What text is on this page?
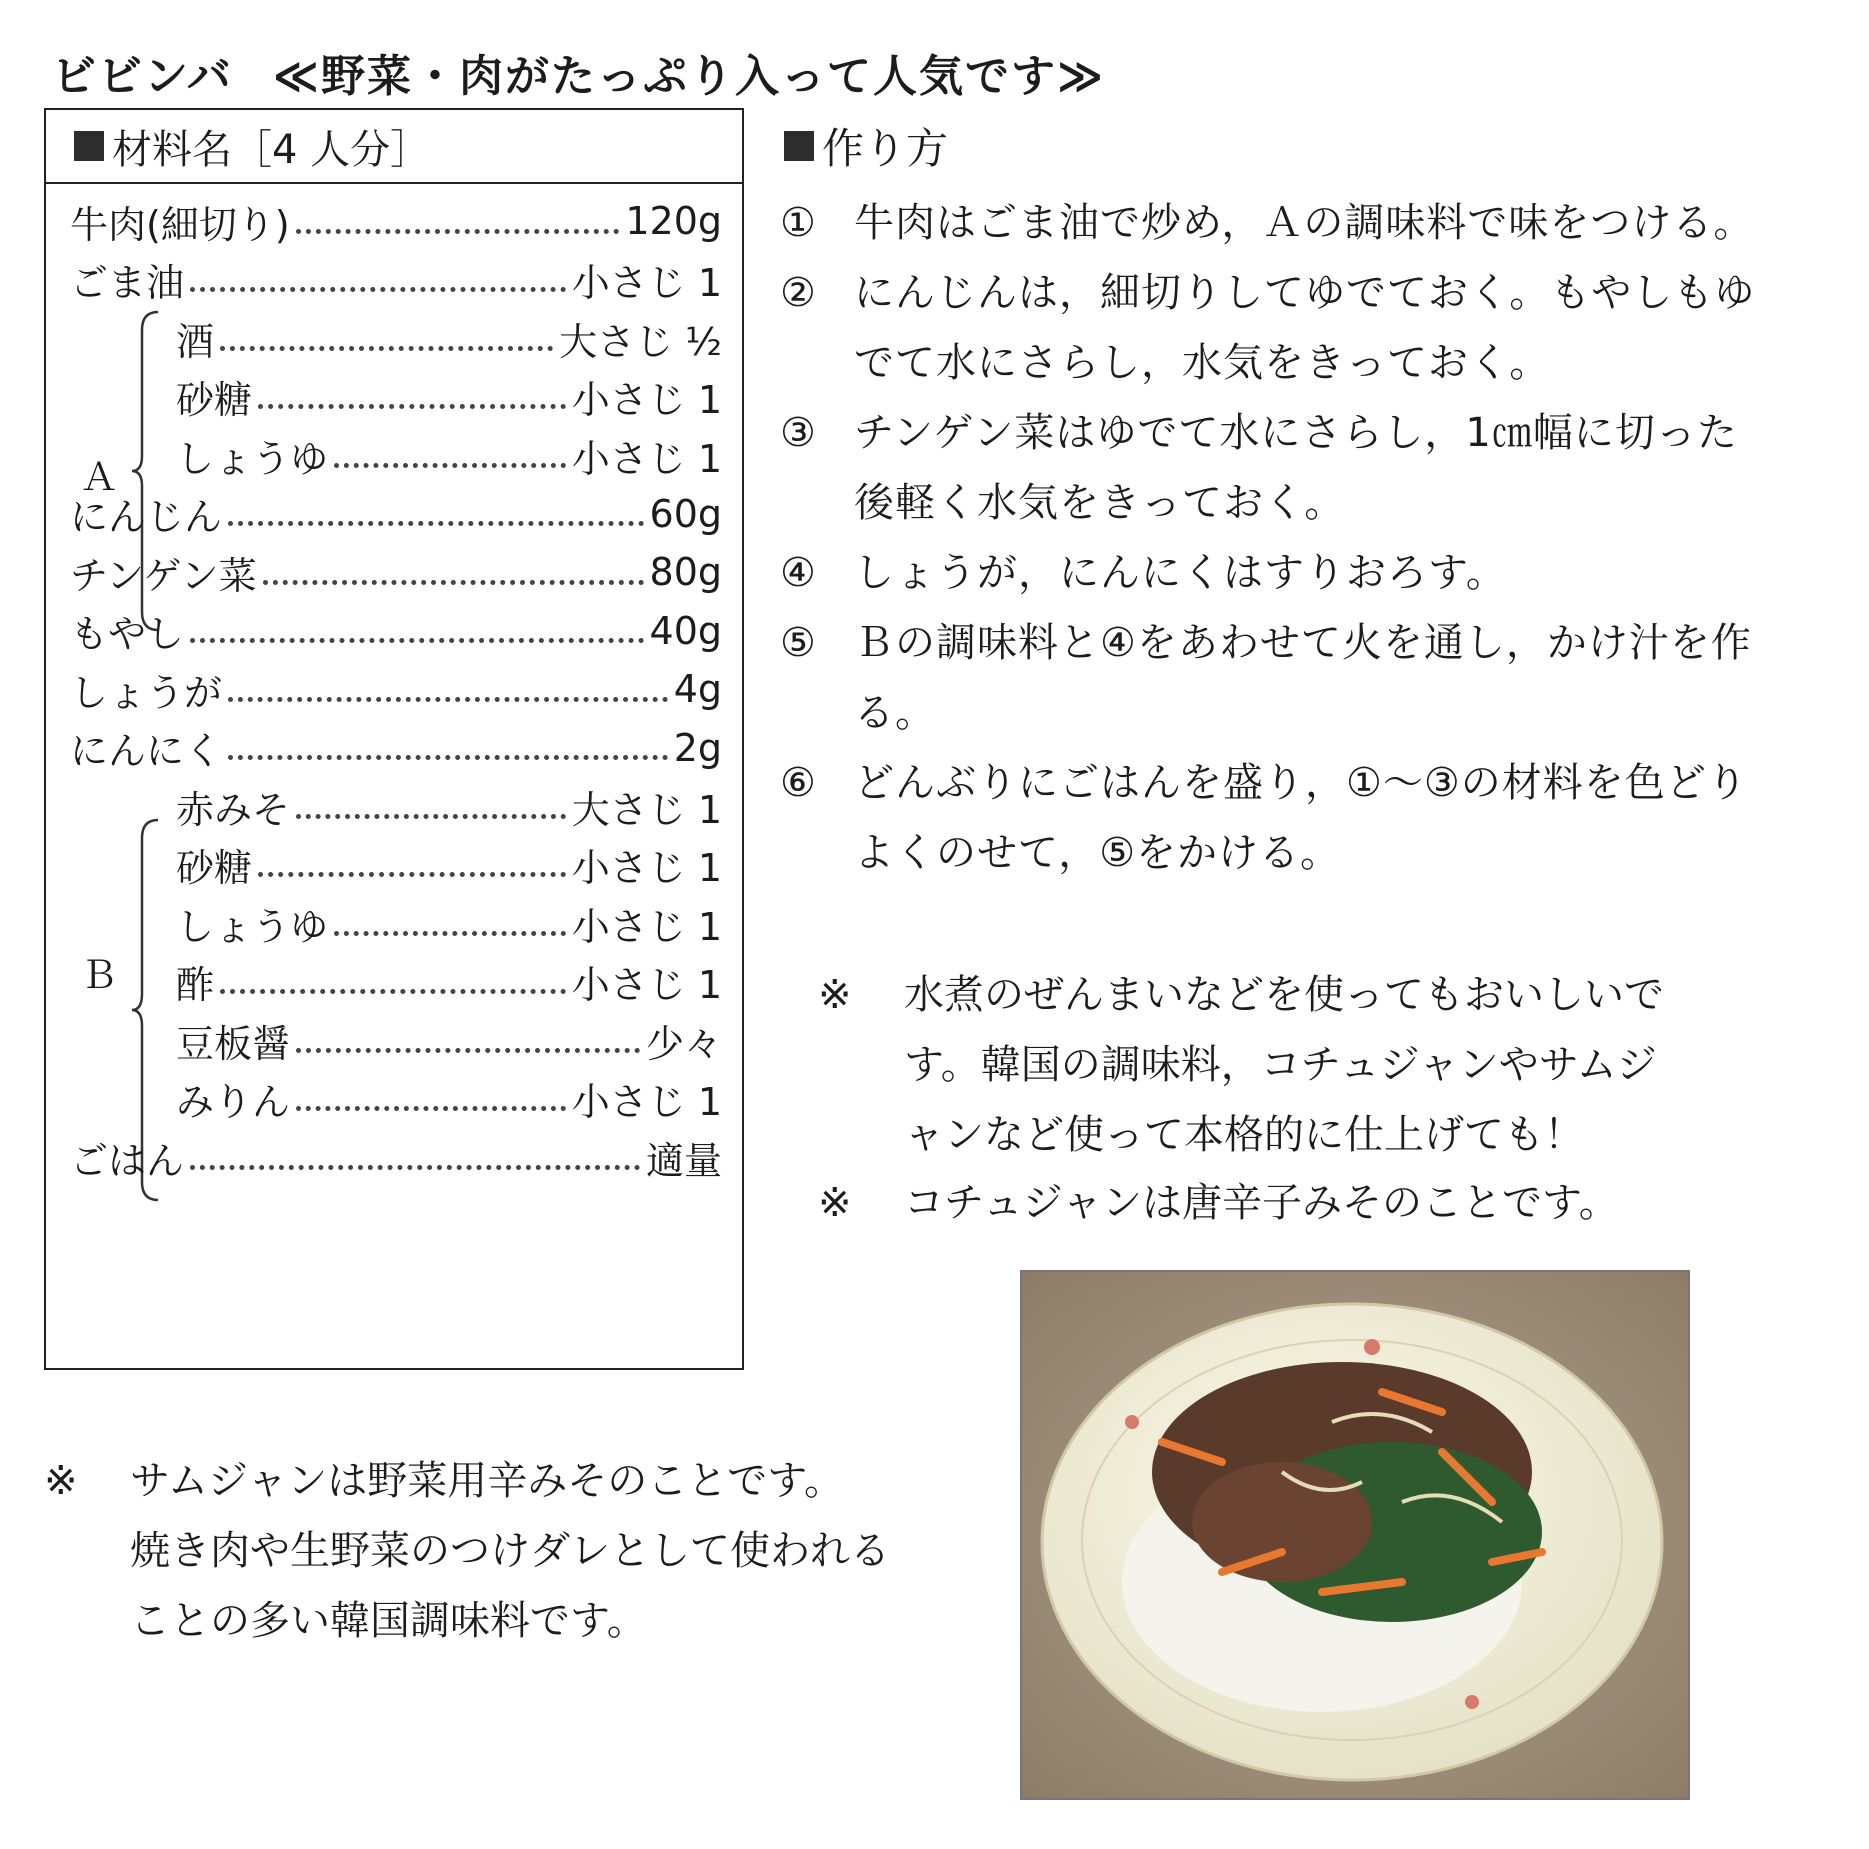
ビビンバ ≪野菜・肉がたっぷり入って人気です≫
材料名［4 人分］
Ａ
Ｂ
牛肉(細切り)	120g
ごま油	小さじ 1
酒	大さじ ½
砂糖	小さじ 1
しょうゆ	小さじ 1
にんじん	60g
チンゲン菜	80g
もやし	40g
しょうが	4g
にんにく	2g
赤みそ	大さじ 1
砂糖	小さじ 1
しょうゆ	小さじ 1
酢	小さじ 1
豆板醤	少々
みりん	小さじ 1
ごはん	適量
作り方
① 牛肉はごま油で炒め，Ａの調味料で味をつける。
② にんじんは，細切りしてゆでておく。もやしもゆ
でて水にさらし，水気をきっておく。
③ チンゲン菜はゆでて水にさらし，1㎝幅に切った
後軽く水気をきっておく。
④ しょうが，にんにくはすりおろす。
⑤ Ｂの調味料と④をあわせて火を通し，かけ汁を作
る。
⑥ どんぶりにごはんを盛り，①～③の材料を色どり
よくのせて，⑤をかける。
※ 水煮のぜんまいなどを使ってもおいしいで
す。韓国の調味料，コチュジャンやサムジ
ャンなど使って本格的に仕上げても！
※ コチュジャンは唐辛子みそのことです。
※ サムジャンは野菜用辛みそのことです。
焼き肉や生野菜のつけダレとして使われる
ことの多い韓国調味料です。
